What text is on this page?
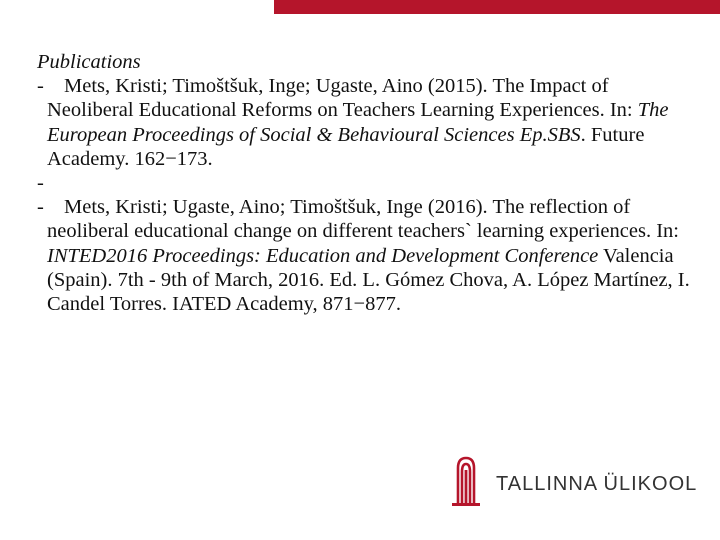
Publications
- Mets, Kristi; Timoštšuk, Inge; Ugaste, Aino (2015). The Impact of Neoliberal Educational Reforms on Teachers Learning Experiences. In: The European Proceedings of Social & Behavioural Sciences Ep.SBS. Future Academy. 162−173.
-
- Mets, Kristi; Ugaste, Aino; Timoštšuk, Inge (2016). The reflection of neoliberal educational change on different teachers` learning experiences. In: INTED2016 Proceedings: Education and Development Conference Valencia (Spain). 7th - 9th of March, 2016. Ed. L. Gómez Chova, A. López Martínez, I. Candel Torres. IATED Academy, 871−877.
TALLINNA ÜLIKOOL
